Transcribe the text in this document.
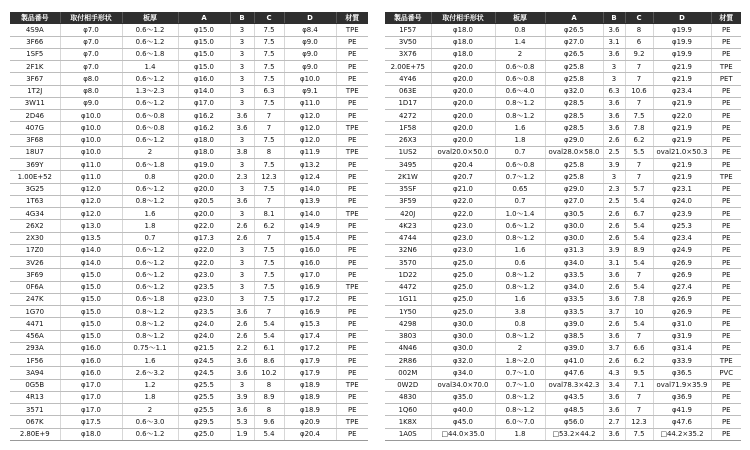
製品番号	取付相手形状	板厚	A	B	C	D	材質
4S9A	φ7.0	0.6～1.2	φ15.0	3	7.5	φ8.4	TPE
3F66	φ7.0	0.6～1.2	φ15.0	3	7.5	φ9.0	PE
1SF5	φ7.0	0.6～1.8	φ15.0	3	7.5	φ9.0	PE
2F1K	φ7.0	1.4	φ15.0	3	7.5	φ9.0	PE
3F67	φ8.0	0.6～1.2	φ16.0	3	7.5	φ10.0	PE
1T2J	φ8.0	1.3～2.3	φ14.0	3	6.3	φ9.1	TPE
3W11	φ9.0	0.6～1.2	φ17.0	3	7.5	φ11.0	PE
2D46	φ10.0	0.6～0.8	φ16.2	3.6	7	φ12.0	PE
407G	φ10.0	0.6～0.8	φ16.2	3.6	7	φ12.0	TPE
3F68	φ10.0	0.6～1.2	φ18.0	3	7.5	φ12.0	PE
18U7	φ10.0	2	φ18.0	3.8	8	φ11.9	TPE
369Y	φ11.0	0.6～1.8	φ19.0	3	7.5	φ13.2	PE
1.00E+52	φ11.0	0.8	φ20.0	2.3	12.3	φ12.4	PE
3G25	φ12.0	0.6～1.2	φ20.0	3	7.5	φ14.0	PE
1T63	φ12.0	0.8～1.2	φ20.5	3.6	7	φ13.9	PE
4G34	φ12.0	1.6	φ20.0	3	8.1	φ14.0	TPE
26X2	φ13.0	1.8	φ22.0	2.6	6.2	φ14.9	PE
2X30	φ13.5	0.7	φ17.3	2.6	7	φ15.4	PE
17Z0	φ14.0	0.6～1.2	φ22.0	3	7.5	φ16.0	PE
3V26	φ14.0	0.6～1.2	φ22.0	3	7.5	φ16.0	PE
3F69	φ15.0	0.6～1.2	φ23.0	3	7.5	φ17.0	PE
0F6A	φ15.0	0.6～1.2	φ23.5	3	7.5	φ16.9	TPE
247K	φ15.0	0.6～1.8	φ23.0	3	7.5	φ17.2	PE
1G70	φ15.0	0.8～1.2	φ23.5	3.6	7	φ16.9	PE
4471	φ15.0	0.8～1.2	φ24.0	2.6	5.4	φ15.3	PE
456A	φ15.0	0.8～1.2	φ24.0	2.6	5.4	φ17.4	PE
293A	φ16.0	0.75～1.1	φ21.5	2.2	6.1	φ17.2	PE
1F56	φ16.0	1.6	φ24.5	3.6	8.6	φ17.9	PE
3A94	φ16.0	2.6～3.2	φ24.5	3.6	10.2	φ17.9	PE
0G5B	φ17.0	1.2	φ25.5	3	8	φ18.9	TPE
4R13	φ17.0	1.8	φ25.5	3.9	8.9	φ18.9	PE
3571	φ17.0	2	φ25.5	3.6	8	φ18.9	PE
067K	φ17.5	0.6～3.0	φ29.5	5.3	9.6	φ20.9	TPE
2.80E+9	φ18.0	0.6～1.2	φ25.0	1.9	5.4	φ20.4	PE
製品番号	取付相手形状	板厚	A	B	C	D	材質
1F57	φ18.0	0.8	φ26.5	3.6	8	φ19.9	PE
3V50	φ18.0	1.4	φ27.0	3.1	6	φ19.9	PE
3X76	φ18.0	2	φ26.5	3.6	9.2	φ19.9	PE
2.00E+75	φ20.0	0.6～0.8	φ25.8	3	7	φ21.9	TPE
4Y46	φ20.0	0.6～0.8	φ25.8	3	7	φ21.9	PET
063E	φ20.0	0.6～4.0	φ32.0	6.3	10.6	φ23.4	PE
1D17	φ20.0	0.8～1.2	φ28.5	3.6	7	φ21.9	PE
4272	φ20.0	0.8～1.2	φ28.5	3.6	7.5	φ22.0	PE
1F58	φ20.0	1.6	φ28.5	3.6	7.8	φ21.9	PE
26X3	φ20.0	1.8	φ29.0	2.6	6.2	φ21.9	PE
1US2	oval20.0×50.0	0.7	oval28.0×58.0	2.5	5.5	oval21.0×50.3	PE
3495	φ20.4	0.6～0.8	φ25.8	3.9	7	φ21.9	PE
2K1W	φ20.7	0.7～1.2	φ25.8	3	7	φ21.9	TPE
35SF	φ21.0	0.65	φ29.0	2.3	5.7	φ23.1	PE
3F59	φ22.0	0.7	φ27.0	2.5	5.4	φ24.0	PE
420J	φ22.0	1.0～1.4	φ30.5	2.6	6.7	φ23.9	PE
4K23	φ23.0	0.6～1.2	φ30.0	2.6	5.4	φ25.3	PE
4744	φ23.0	0.8～1.2	φ30.0	2.6	5.4	φ23.4	PE
32N6	φ23.0	1.6	φ31.3	3.9	8.9	φ24.9	PE
3570	φ25.0	0.6	φ34.0	3.1	5.4	φ26.9	PE
1D22	φ25.0	0.8～1.2	φ33.5	3.6	7	φ26.9	PE
4472	φ25.0	0.8～1.2	φ34.0	2.6	5.4	φ27.4	PE
1G11	φ25.0	1.6	φ33.5	3.6	7.8	φ26.9	PE
1Y50	φ25.0	3.8	φ33.5	3.7	10	φ26.9	PE
4298	φ30.0	0.8	φ39.0	2.6	5.4	φ31.0	PE
3803	φ30.0	0.8～1.2	φ38.5	3.6	7	φ31.9	PE
4N46	φ30.0	2	φ39.0	3.7	6.6	φ31.4	PE
2R86	φ32.0	1.8～2.0	φ41.0	2.6	6.2	φ33.9	TPE
002M	φ34.0	0.7～1.0	φ47.6	4.3	9.5	φ36.5	PVC
0W2D	oval34.0×70.0	0.7～1.0	oval78.3×42.3	3.4	7.1	oval71.9×35.9	PE
4830	φ35.0	0.8～1.2	φ43.5	3.6	7	φ36.9	PE
1Q60	φ40.0	0.8～1.2	φ48.5	3.6	7	φ41.9	PE
1K8X	φ45.0	6.0～7.0	φ56.0	2.7	12.3	φ47.6	PE
1A0S	□44.0×35.0	1.8	□53.2×44.2	3.6	7.5	□44.2×35.2	PE
